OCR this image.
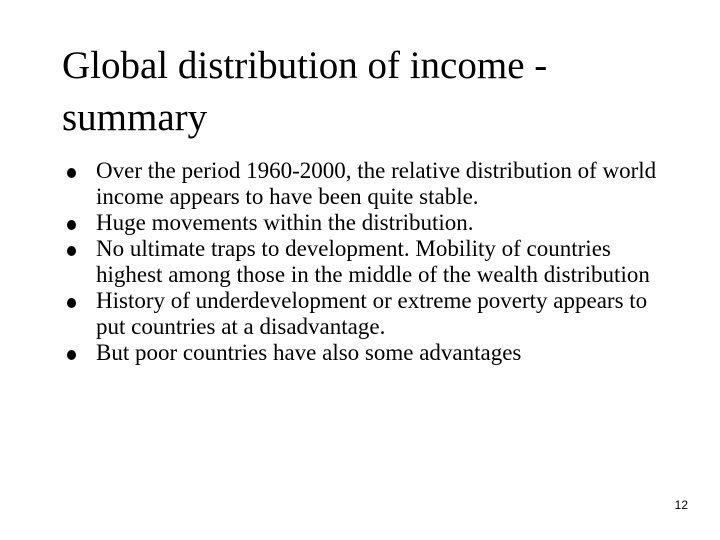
Global distribution of income - summary
Over the period 1960-2000, the relative distribution of world income appears to have been quite stable.
Huge movements within the distribution.
No ultimate traps to development. Mobility of countries highest among those in the middle of the wealth distribution
History of underdevelopment or extreme poverty appears to put countries at a disadvantage.
But poor countries have also some advantages
12
